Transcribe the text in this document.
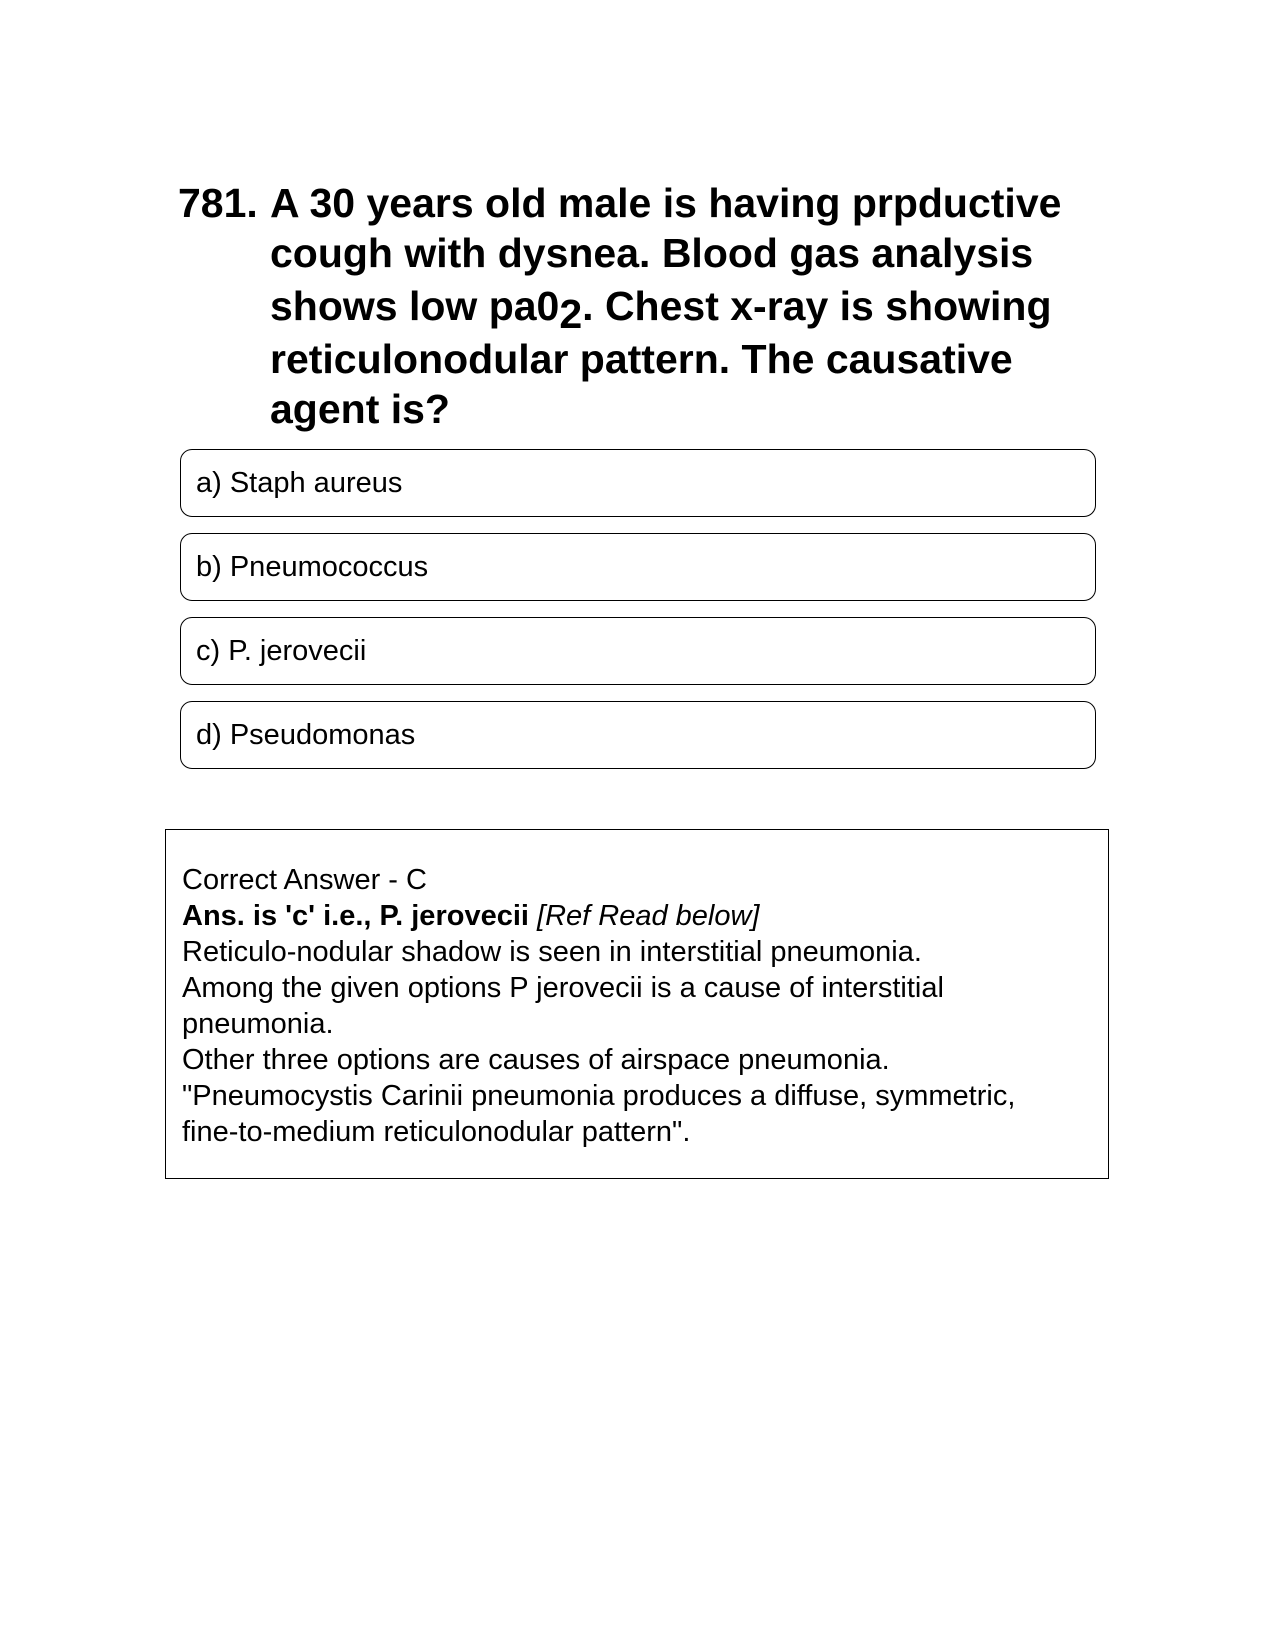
781. A 30 years old male is having prpductive
cough with dysnea. Blood gas analysis
shows low $pa0_2$. Chest x-ray is showing
reticulonodular pattern. The causative
agent is?
a) Staph aureus
b) Pneumococcus
c) P. jerovecii
d) Pseudomonas
Correct Answer - C
Ans. is 'c' i.e., P. jerovecii [Ref Read below]
Reticulo-nodular shadow is seen in interstitial pneumonia.
Among the given options P jerovecii is a cause of interstitial
pneumonia.
Other three options are causes of airspace pneumonia.
"Pneumocystis Carinii pneumonia produces a diffuse, symmetric,
fine-to-medium reticulonodular pattern".
